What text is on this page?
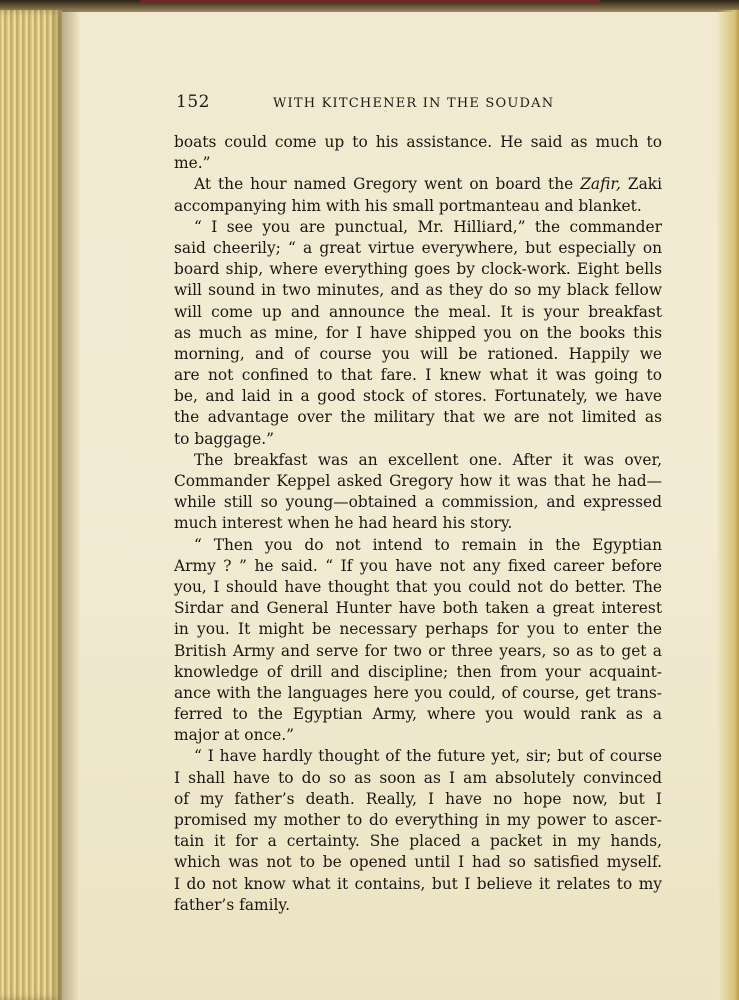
152	WITH KITCHENER IN THE SOUDAN
boats could come up to his assistance. He said as much to
me.”
At the hour named Gregory went on board the Zafir, Zaki
accompanying him with his small portmanteau and blanket.
“ I see you are punctual, Mr. Hilliard,” the commander
said cheerily; “ a great virtue everywhere, but especially on
board ship, where everything goes by clock-work. Eight bells
will sound in two minutes, and as they do so my black fellow
will come up and announce the meal. It is your breakfast
as much as mine, for I have shipped you on the books this
morning, and of course you will be rationed. Happily we
are not confined to that fare. I knew what it was going to
be, and laid in a good stock of stores. Fortunately, we have
the advantage over the military that we are not limited as
to baggage.”
The breakfast was an excellent one. After it was over,
Commander Keppel asked Gregory how it was that he had—
while still so young—obtained a commission, and expressed
much interest when he had heard his story.
“ Then you do not intend to remain in the Egyptian
Army ? ” he said. “ If you have not any fixed career before
you, I should have thought that you could not do better. The
Sirdar and General Hunter have both taken a great interest
in you. It might be necessary perhaps for you to enter the
British Army and serve for two or three years, so as to get a
knowledge of drill and discipline; then from your acquaint-
ance with the languages here you could, of course, get trans-
ferred to the Egyptian Army, where you would rank as a
major at once.”
“ I have hardly thought of the future yet, sir; but of course
I shall have to do so as soon as I am absolutely convinced
of my father’s death. Really, I have no hope now, but I
promised my mother to do everything in my power to ascer-
tain it for a certainty. She placed a packet in my hands,
which was not to be opened until I had so satisfied myself.
I do not know what it contains, but I believe it relates to my
father’s family.
